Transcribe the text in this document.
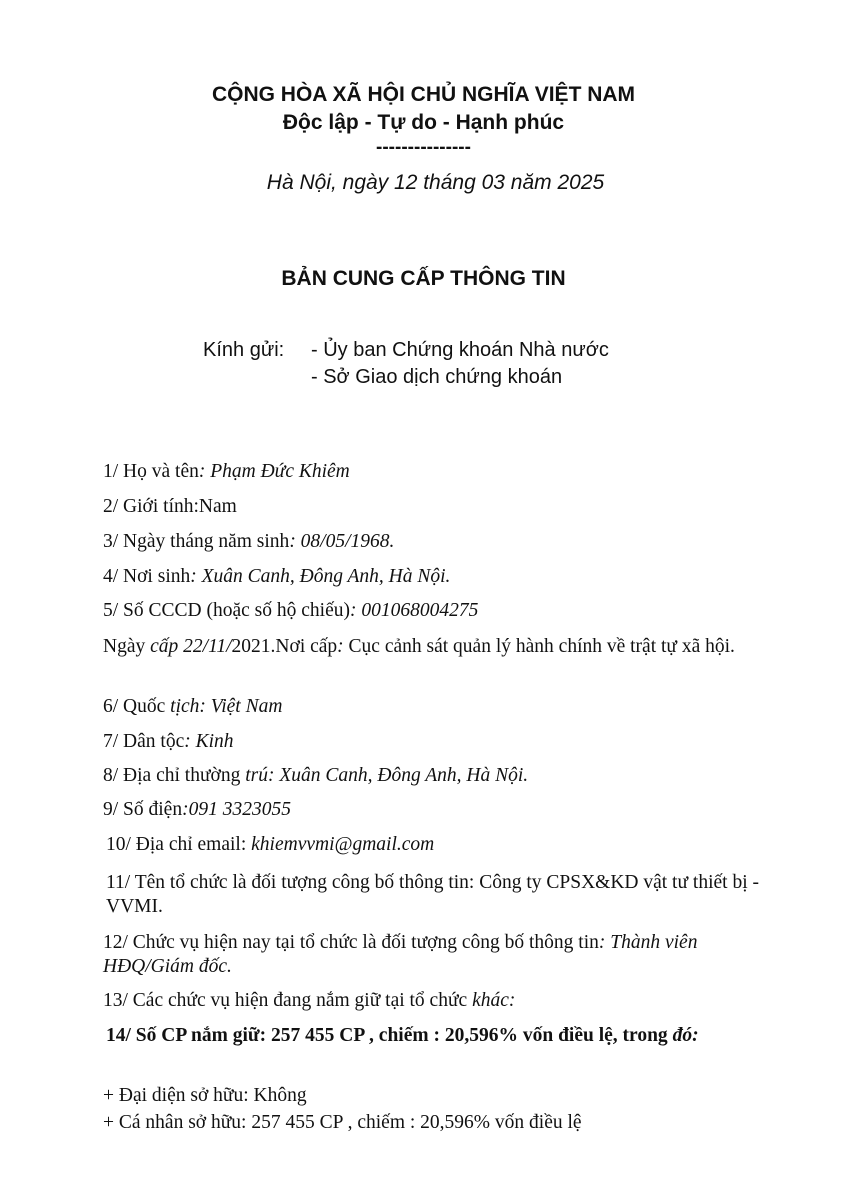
CỘNG HÒA XÃ HỘI CHỦ NGHĨA VIỆT NAM
Độc lập - Tự do - Hạnh phúc
---------------
Hà Nội, ngày 12 tháng 03 năm 2025
BẢN CUNG CẤP THÔNG TIN
Kính gửi: - Ủy ban Chứng khoán Nhà nước
- Sở Giao dịch chứng khoán
1/ Họ và tên: Phạm Đức Khiêm
2/ Giới tính:Nam
3/ Ngày tháng năm sinh: 08/05/1968.
4/ Nơi sinh: Xuân Canh, Đông Anh, Hà Nội.
5/ Số CCCD (hoặc số hộ chiếu): 001068004275
Ngày cấp 22/11/2021.Nơi cấp: Cục cảnh sát quản lý hành chính về trật tự xã hội.
6/ Quốc tịch: Việt Nam
7/ Dân tộc: Kinh
8/ Địa chỉ thường trú: Xuân Canh, Đông Anh, Hà Nội.
9/ Số điện:091 3323055
10/ Địa chỉ email: khiemvvmi@gmail.com
11/ Tên tổ chức là đối tượng công bố thông tin: Công ty CPSX&KD vật tư thiết bị - VVMI.
12/ Chức vụ hiện nay tại tổ chức là đối tượng công bố thông tin: Thành viên HĐQ/Giám đốc.
13/ Các chức vụ hiện đang nắm giữ tại tổ chức khác:
14/ Số CP nắm giữ: 257 455 CP , chiếm : 20,596% vốn điều lệ, trong đó:
+ Đại diện sở hữu: Không
+ Cá nhân sở hữu: 257 455 CP , chiếm : 20,596% vốn điều lệ
